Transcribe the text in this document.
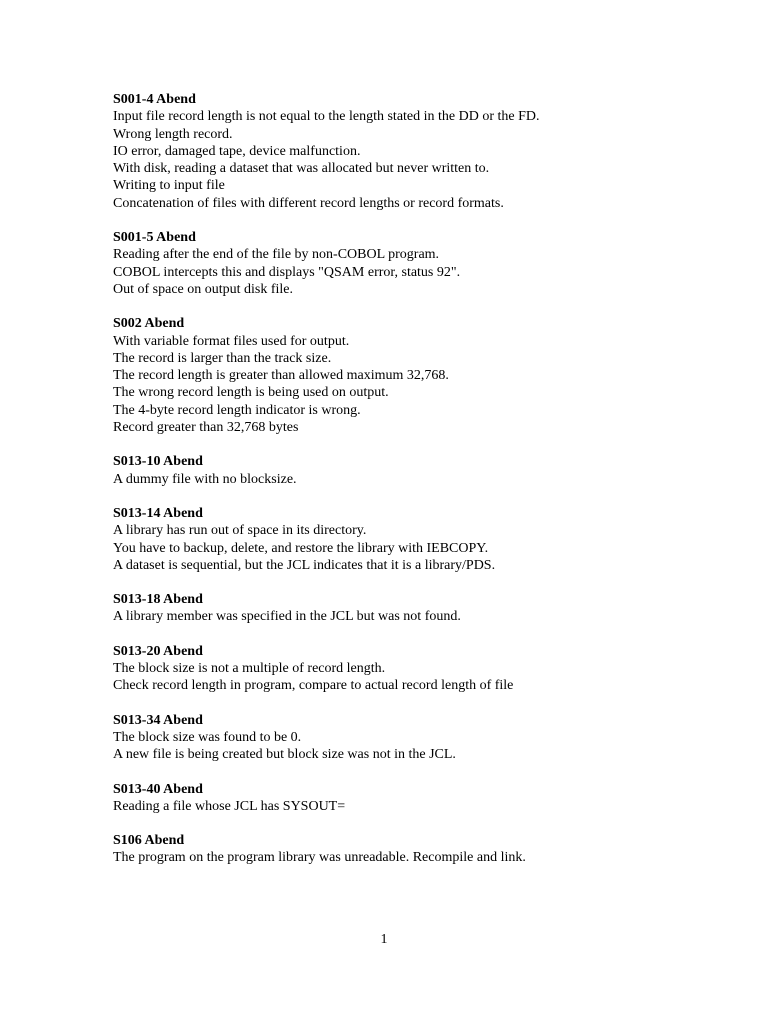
S001-4 Abend
Input file record length is not equal to the length stated in the DD or the FD.
Wrong length record.
IO error, damaged tape, device malfunction.
With disk, reading a dataset that was allocated but never written to.
Writing to input file
Concatenation of files with different record lengths or record formats.
S001-5 Abend
Reading after the end of the file by non-COBOL program.
COBOL intercepts this and displays "QSAM error, status 92".
Out of space on output disk file.
S002 Abend
With variable format files used for output.
The record is larger than the track size.
The record length is greater than allowed maximum 32,768.
The wrong record length is being used on output.
The 4-byte record length indicator is wrong.
Record greater than 32,768 bytes
S013-10 Abend
A dummy file with no blocksize.
S013-14 Abend
A library has run out of space in its directory.
You have to backup, delete, and restore the library with IEBCOPY.
A dataset is sequential, but the JCL indicates that it is a library/PDS.
S013-18 Abend
A library member was specified in the JCL but was not found.
S013-20 Abend
The block size is not a multiple of record length.
Check record length in program, compare to actual record length of file
S013-34 Abend
The block size was found to be 0.
A new file is being created but block size was not in the JCL.
S013-40 Abend
Reading a file whose JCL has SYSOUT=
S106 Abend
The program on the program library was unreadable. Recompile and link.
1
